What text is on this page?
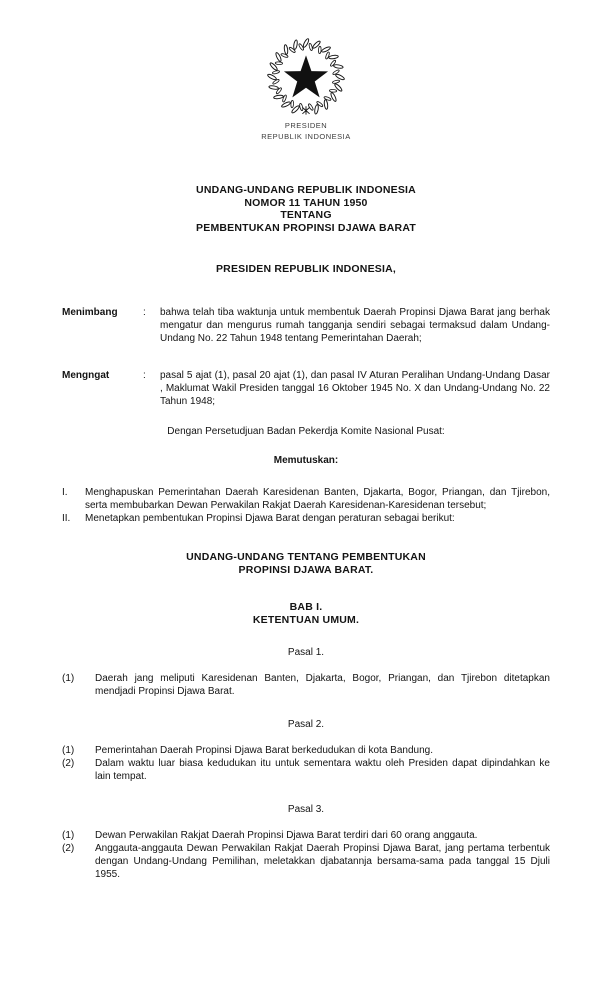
PRESIDEN
REPUBLIK INDONESIA
UNDANG-UNDANG REPUBLIK INDONESIA
NOMOR 11 TAHUN 1950
TENTANG
PEMBENTUKAN PROPINSI DJAWA BARAT
PRESIDEN REPUBLIK INDONESIA,
Menimbang	:	bahwa telah tiba waktunja untuk membentuk Daerah Propinsi Djawa Barat jang berhak mengatur dan mengurus rumah tangganja sendiri sebagai termaksud dalam Undang-Undang No. 22 Tahun 1948 tentang Pemerintahan Daerah;
Mengngat	:	pasal 5 ajat (1), pasal 20 ajat (1), dan pasal IV Aturan Peralihan Undang-Undang Dasar , Maklumat Wakil Presiden tanggal 16 Oktober 1945 No. X dan Undang-Undang No. 22 Tahun 1948;
Dengan Persetudjuan Badan Pekerdja Komite Nasional Pusat:
Memutuskan:
I.	Menghapuskan Pemerintahan Daerah Karesidenan Banten, Djakarta, Bogor, Priangan, dan Tjirebon, serta membubarkan Dewan Perwakilan Rakjat Daerah Karesidenan-Karesidenan tersebut;
II.	Menetapkan pembentukan Propinsi Djawa Barat dengan peraturan sebagai berikut:
UNDANG-UNDANG TENTANG PEMBENTUKAN
PROPINSI DJAWA BARAT.
BAB I.
KETENTUAN UMUM.
Pasal 1.
(1)	Daerah jang meliputi Karesidenan Banten, Djakarta, Bogor, Priangan, dan Tjirebon ditetapkan mendjadi Propinsi Djawa Barat.
Pasal 2.
(1)	Pemerintahan Daerah Propinsi Djawa Barat berkedudukan di kota Bandung.
(2)	Dalam waktu luar biasa kedudukan itu untuk sementara waktu oleh Presiden dapat dipindahkan ke lain tempat.
Pasal 3.
(1)	Dewan Perwakilan Rakjat Daerah Propinsi Djawa Barat terdiri dari 60 orang anggauta.
(2)	Anggauta-anggauta Dewan Perwakilan Rakjat Daerah Propinsi Djawa Barat, jang pertama terbentuk dengan Undang-Undang Pemilihan, meletakkan djabatannja bersama-sama pada tanggal 15 Djuli 1955.
